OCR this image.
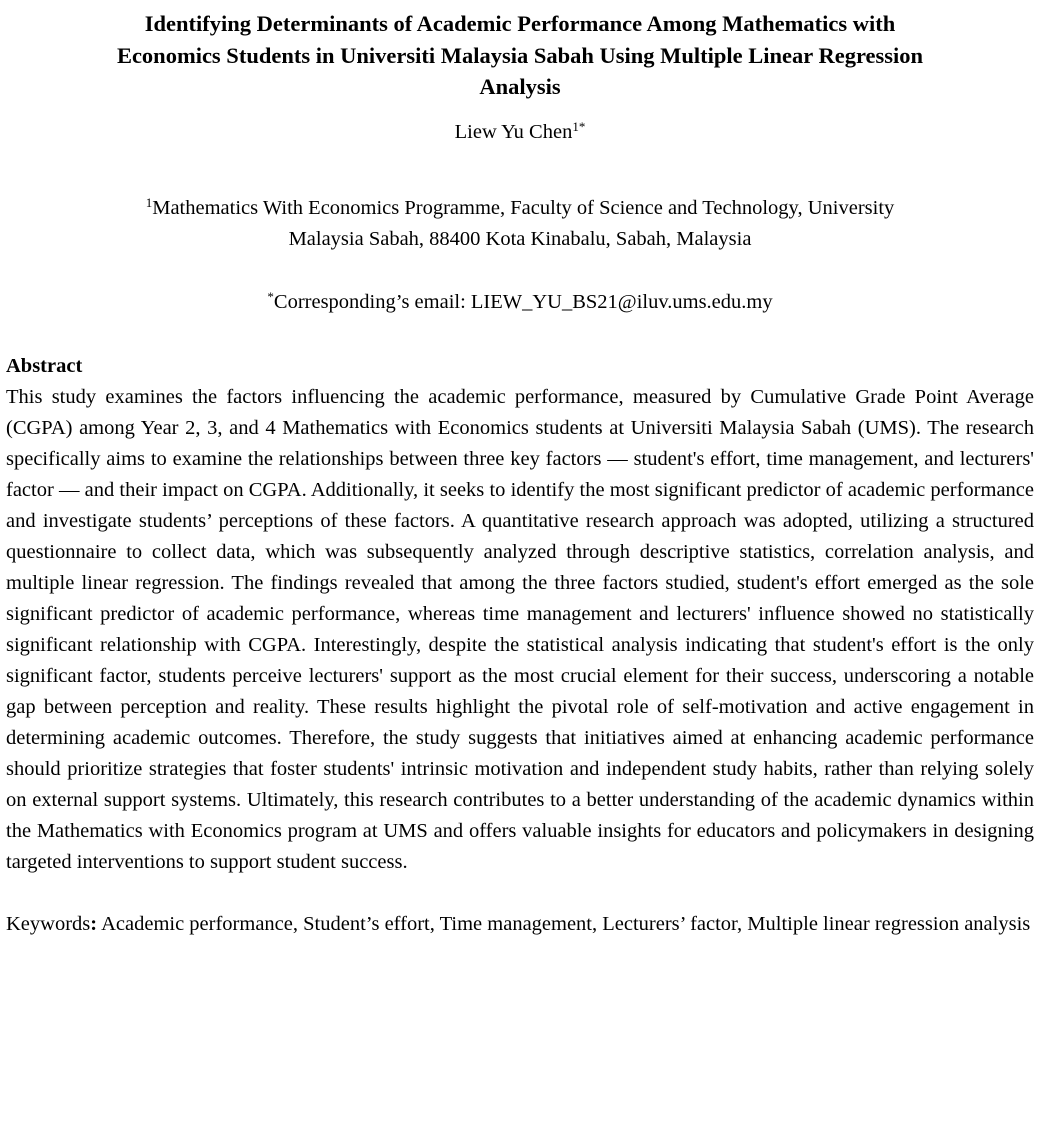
Identifying Determinants of Academic Performance Among Mathematics with
Economics Students in Universiti Malaysia Sabah Using Multiple Linear Regression
Analysis
Liew Yu Chen$^{1*}$
$^1$Mathematics With Economics Programme, Faculty of Science and Technology, University
Malaysia Sabah, 88400 Kota Kinabalu, Sabah, Malaysia
*Corresponding’s email: LIEW_YU_BS21@iluv.ums.edu.my
Abstract

This study examines the factors influencing the academic performance, measured by Cumulative Grade Point Average (CGPA) among Year 2, 3, and 4 Mathematics with Economics students at Universiti Malaysia Sabah (UMS). The research specifically aims to examine the relationships between three key factors — student's effort, time management, and lecturers' factor — and their impact on CGPA. Additionally, it seeks to identify the most significant predictor of academic performance and investigate students’ perceptions of these factors. A quantitative research approach was adopted, utilizing a structured questionnaire to collect data, which was subsequently analyzed through descriptive statistics, correlation analysis, and multiple linear regression. The findings revealed that among the three factors studied, student's effort emerged as the sole significant predictor of academic performance, whereas time management and lecturers' influence showed no statistically significant relationship with CGPA. Interestingly, despite the statistical analysis indicating that student's effort is the only significant factor, students perceive lecturers' support as the most crucial element for their success, underscoring a notable gap between perception and reality. These results highlight the pivotal role of self-motivation and active engagement in determining academic outcomes. Therefore, the study suggests that initiatives aimed at enhancing academic performance should prioritize strategies that foster students' intrinsic motivation and independent study habits, rather than relying solely on external support systems. Ultimately, this research contributes to a better understanding of the academic dynamics within the Mathematics with Economics program at UMS and offers valuable insights for educators and policymakers in designing targeted interventions to support student success.

Keywords: Academic performance, Student’s effort, Time management, Lecturers’ factor, Multiple linear regression analysis
